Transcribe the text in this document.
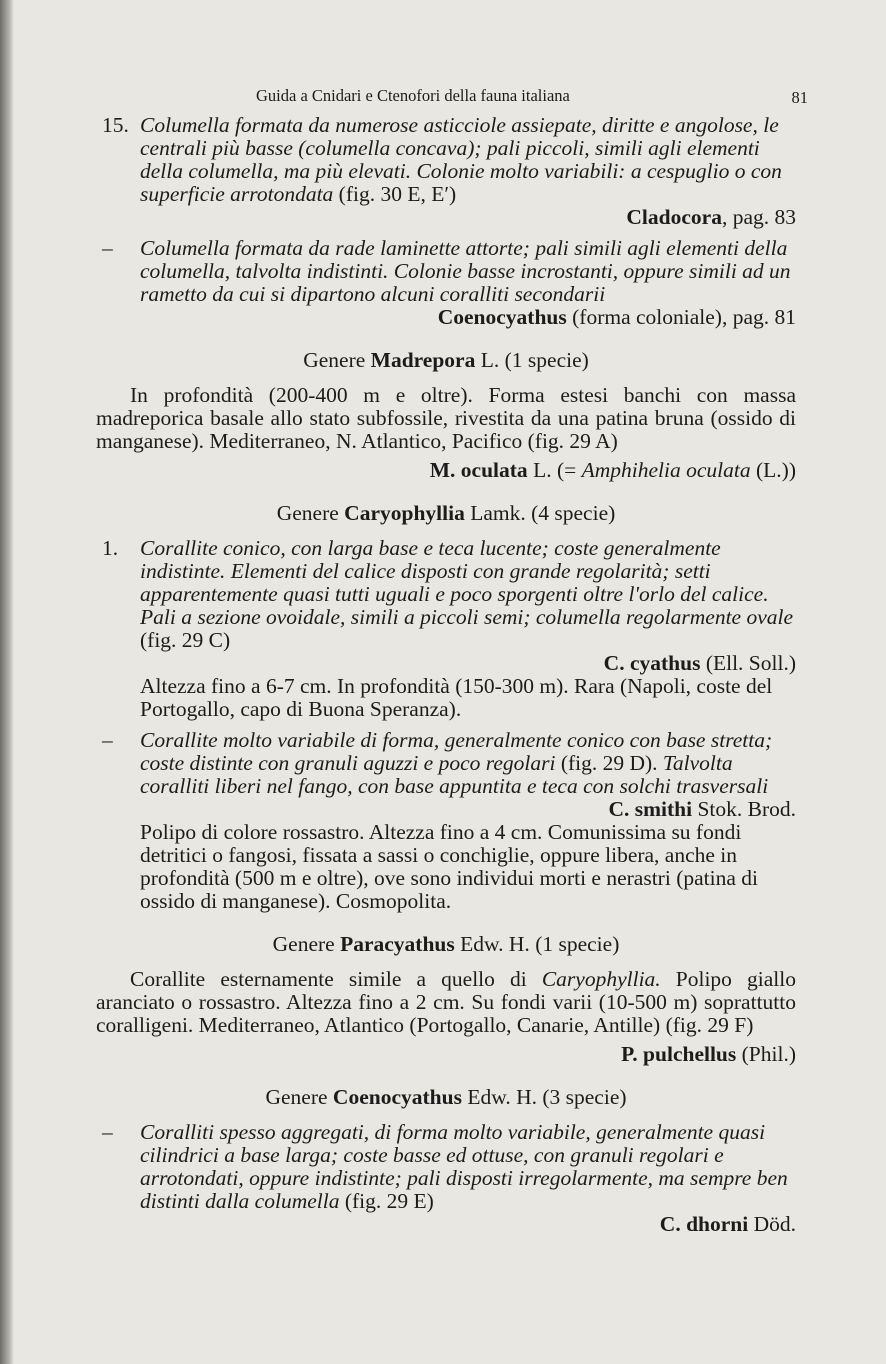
Guida a Cnidari e Ctenofori della fauna italiana	81
15. Columella formata da numerose asticciole assiepate, diritte e angolose, le centrali più basse (columella concava); pali piccoli, simili agli elementi della columella, ma più elevati. Colonie molto variabili: a cespuglio o con superficie arrotondata (fig. 30 E, E′)
Cladocora, pag. 83
– Columella formata da rade laminette attorte; pali simili agli elementi della columella, talvolta indistinti. Colonie basse incrostanti, oppure simili ad un rametto da cui si dipartono alcuni coralliti secondarii
Coenocyathus (forma coloniale), pag. 81
Genere Madrepora L. (1 specie)

In profondità (200-400 m e oltre). Forma estesi banchi con massa madreporica basale allo stato subfossile, rivestita da una patina bruna (ossido di manganese). Mediterraneo, N. Atlantico, Pacifico (fig. 29 A)

M. oculata L. (= Amphihelia oculata (L.))
Genere Caryophyllia Lamk. (4 specie)
1. Corallite conico, con larga base e teca lucente; coste generalmente indistinte. Elementi del calice disposti con grande regolarità; setti apparentemente quasi tutti uguali e poco sporgenti oltre l'orlo del calice. Pali a sezione ovoidale, simili a piccoli semi; columella regolarmente ovale (fig. 29 C)
C. cyathus (Ell. Soll.)
Altezza fino a 6-7 cm. In profondità (150-300 m). Rara (Napoli, coste del Portogallo, capo di Buona Speranza).
– Corallite molto variabile di forma, generalmente conico con base stretta; coste distinte con granuli aguzzi e poco regolari (fig. 29 D). Talvolta coralliti liberi nel fango, con base appuntita e teca con solchi trasversali
C. smithi Stok. Brod.
Polipo di colore rossastro. Altezza fino a 4 cm. Comunissima su fondi detritici o fangosi, fissata a sassi o conchiglie, oppure libera, anche in profondità (500 m e oltre), ove sono individui morti e nerastri (patina di ossido di manganese). Cosmopolita.
Genere Paracyathus Edw. H. (1 specie)

Corallite esternamente simile a quello di Caryophyllia. Polipo giallo aranciato o rossastro. Altezza fino a 2 cm. Su fondi varii (10-500 m) soprattutto coralligeni. Mediterraneo, Atlantico (Portogallo, Canarie, Antille) (fig. 29 F)

P. pulchellus (Phil.)
Genere Coenocyathus Edw. H. (3 specie)
– Coralliti spesso aggregati, di forma molto variabile, generalmente quasi cilindrici a base larga; coste basse ed ottuse, con granuli regolari e arrotondati, oppure indistinte; pali disposti irregolarmente, ma sempre ben distinti dalla columella (fig. 29 E)
C. dhorni Död.
